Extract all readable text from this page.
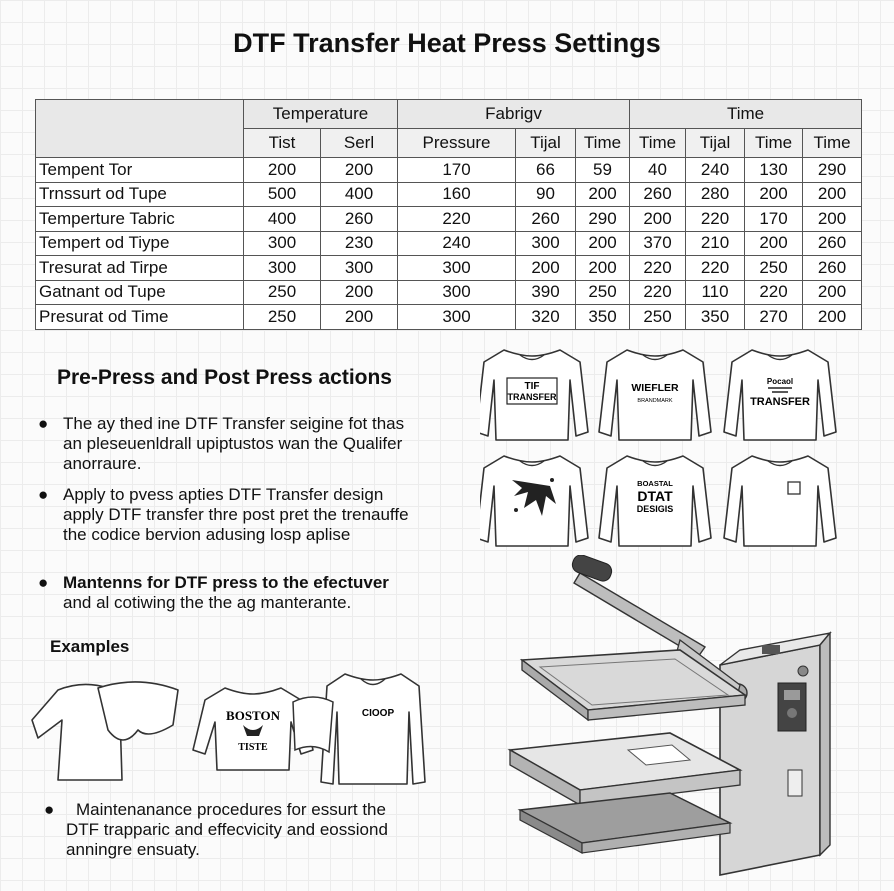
DTF Transfer Heat Press Settings
	Temperature		Fabrigv			Time			
	Tist	Serl	Pressure	Tijal	Time	Time	Tijal	Time	Time
Tempent Tor	200	200	170	66	59	40	240	130	290
Trnssurt od Tupe	500	400	160	90	200	260	280	200	200
Temperture Tabric	400	260	220	260	290	200	220	170	200
Tempert od Tiype	300	230	240	300	200	370	210	200	260
Tresurat ad Tirpe	300	300	300	200	200	220	220	250	260
Gatnant od Tupe	250	200	300	390	250	220	110	220	200
Presurat od Time	250	200	300	320	350	250	350	270	200
Pre-Press and Post Press actions
● The ay thed ine DTF Transfer seigine fot thas
an pleseuenldrall upiptustos wan the Qualifer
anorraure.
● Apply to pvess apties DTF Transfer design
apply DTF transfer thre post pret the trenauffe
the codice bervion adusing losp aplise
● Mantenns for DTF press to the efectuver
and al cotiwing the the ag manterante.
Examples
● Maintenanance procedures for essurt the
DTF trapparic and effecvicity and eossiond
anningre ensuaty.
TIF
TRANSFER
WIEFLER
BRANDMARK
Pocaol
TRANSFER
BOASTAL
DTAT
DESIGIS
BOSTON
TISTE
CIOOP
